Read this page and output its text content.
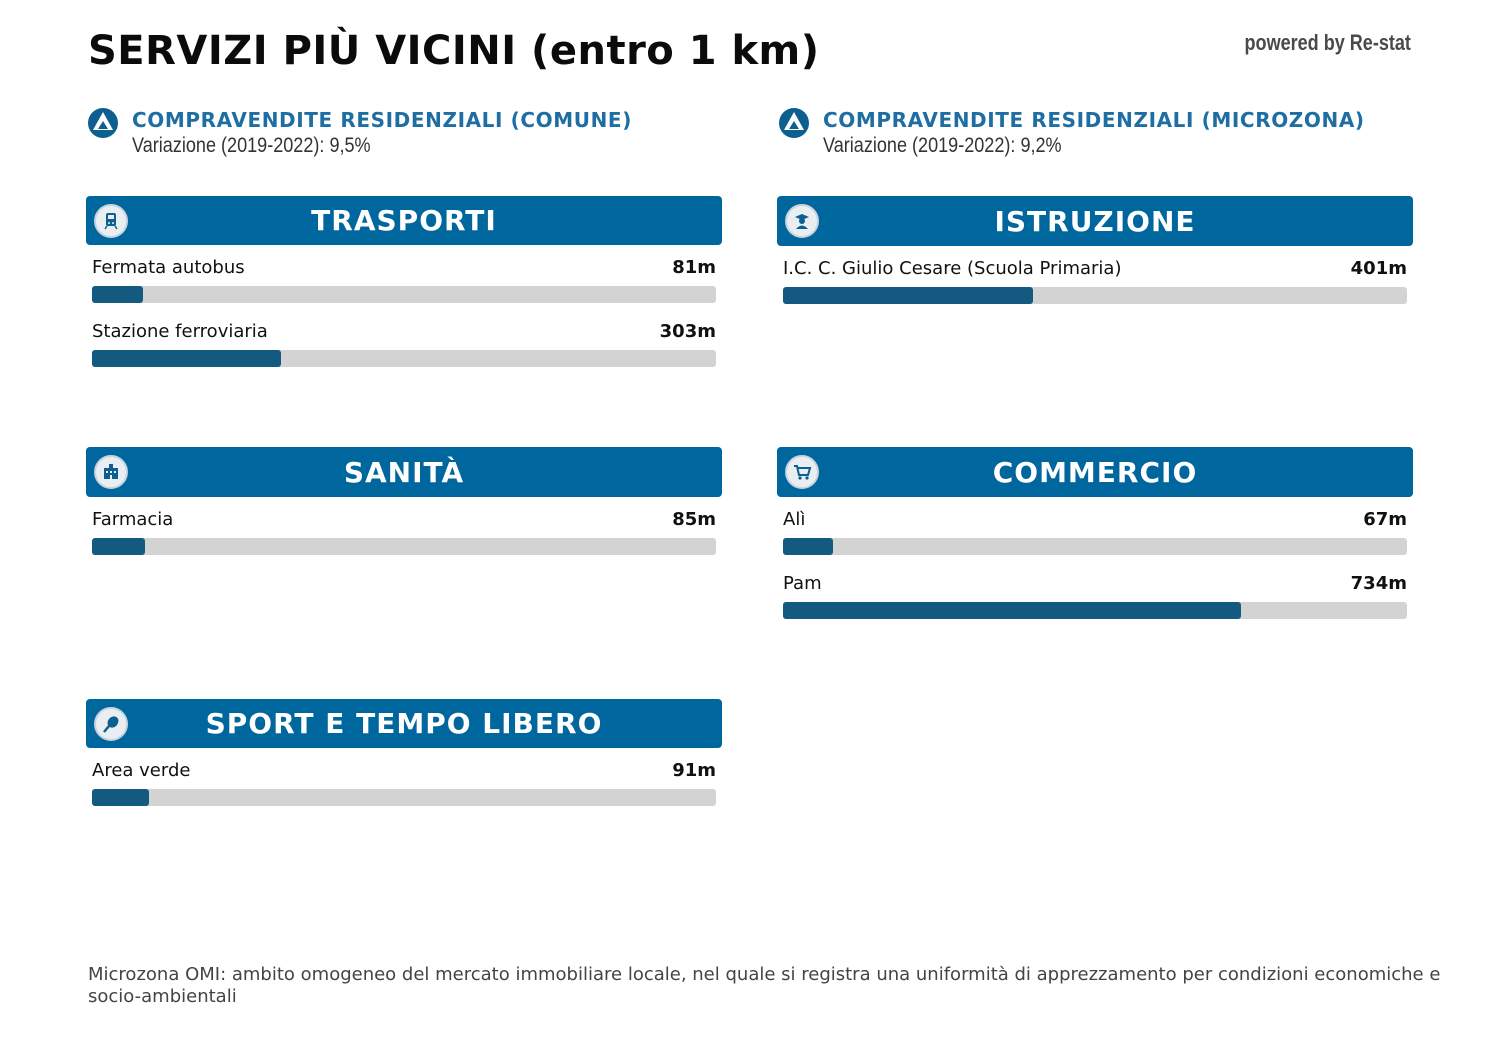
SERVIZI PIÙ VICINI (entro 1 km)	powered by Re-stat
COMPRAVENDITE RESIDENZIALI (COMUNE)
Variazione (2019-2022): 9,5%
COMPRAVENDITE RESIDENZIALI (MICROZONA)
Variazione (2019-2022): 9,2%
TRASPORTI
Fermata autobus	81m
Stazione ferroviaria	303m
ISTRUZIONE
I.C. C. Giulio Cesare (Scuola Primaria)	401m
SANITÀ
Farmacia	85m
COMMERCIO
Alì	67m
Pam	734m
SPORT E TEMPO LIBERO
Area verde	91m
Microzona OMI: ambito omogeneo del mercato immobiliare locale, nel quale si registra una uniformità di apprezzamento per condizioni economiche e socio-ambientali
